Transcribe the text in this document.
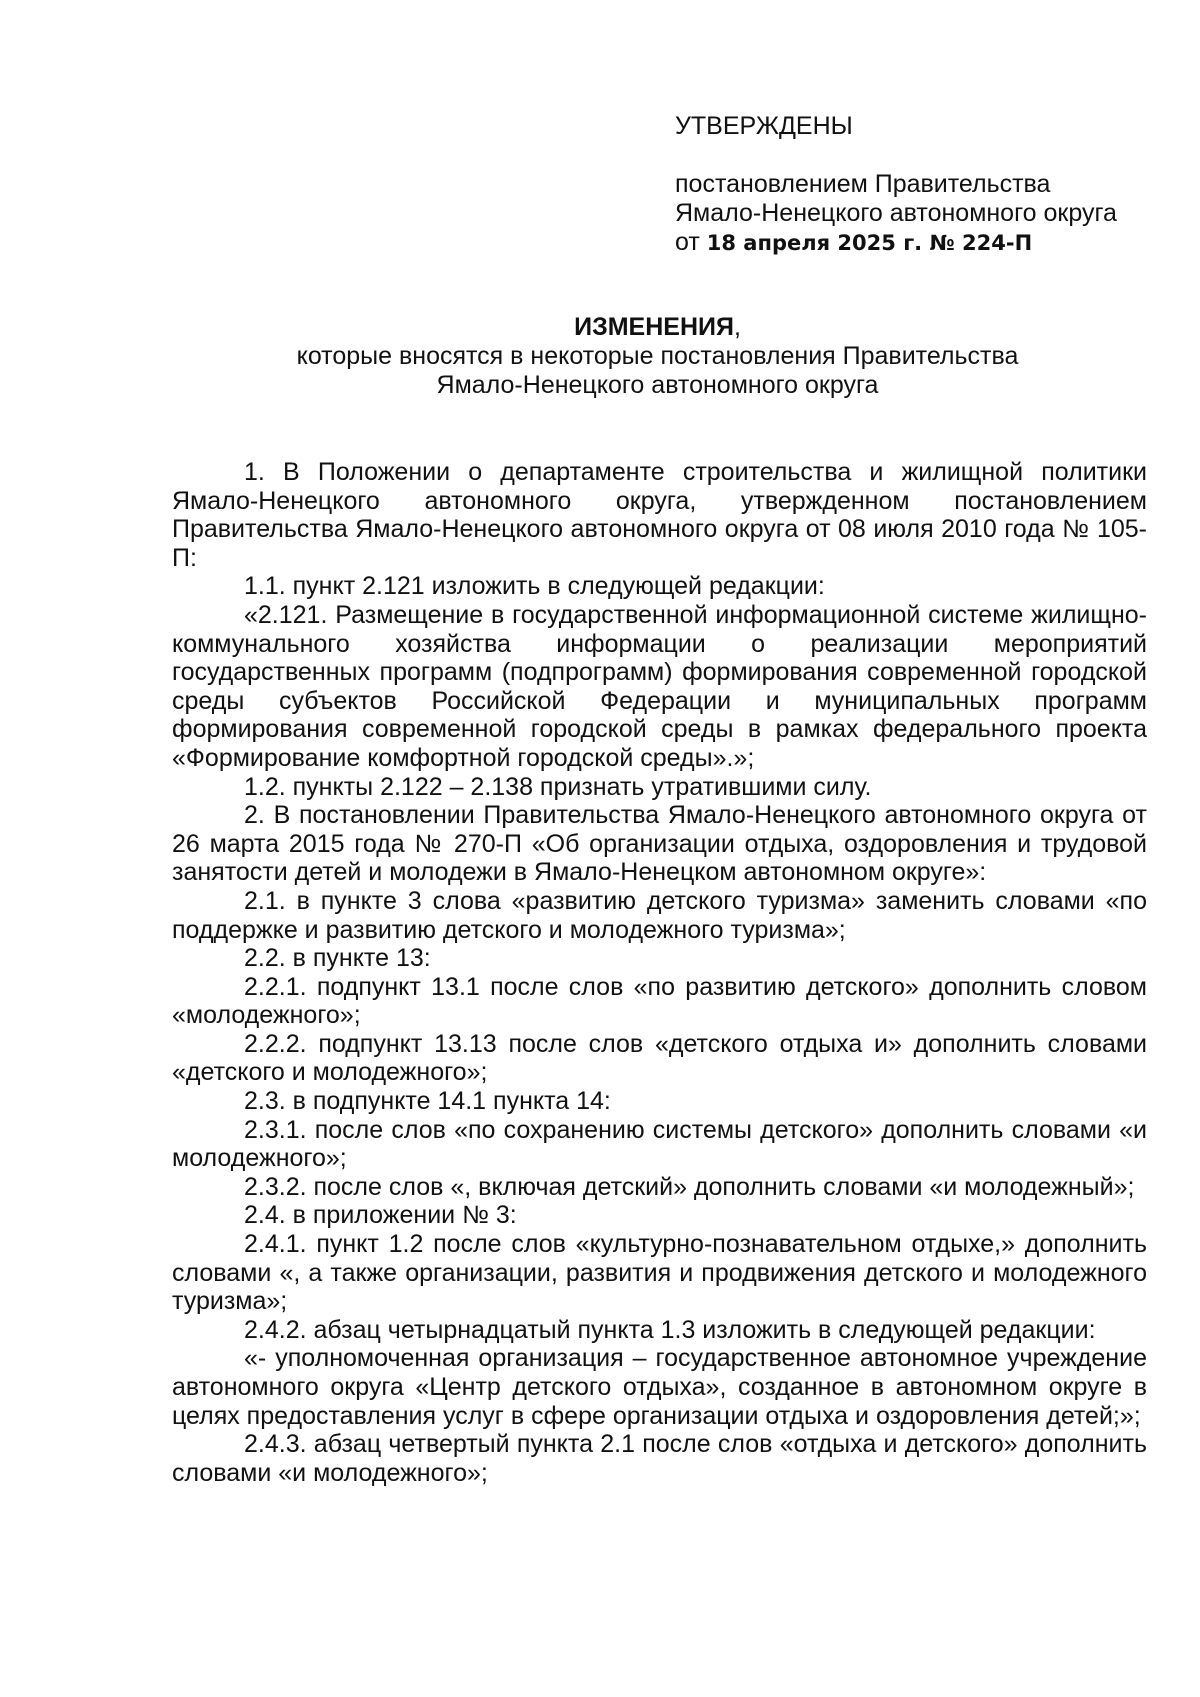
УТВЕРЖДЕНЫ
постановлением Правительства
Ямало-Ненецкого автономного округа
от 18 апреля 2025 г. № 224-П
ИЗМЕНЕНИЯ,
которые вносятся в некоторые постановления Правительства
Ямало-Ненецкого автономного округа

1. В Положении о департаменте строительства и жилищной политики Ямало-Ненецкого автономного округа, утвержденном постановлением Правительства Ямало-Ненецкого автономного округа от 08 июля 2010 года № 105-П:

1.1. пункт 2.121 изложить в следующей редакции:

«2.121. Размещение в государственной информационной системе жилищно-коммунального хозяйства информации о реализации мероприятий государственных программ (подпрограмм) формирования современной городской среды субъектов Российской Федерации и муниципальных программ формирования современной городской среды в рамках федерального проекта «Формирование комфортной городской среды».»;

1.2. пункты 2.122 – 2.138 признать утратившими силу.

2. В постановлении Правительства Ямало-Ненецкого автономного округа от 26 марта 2015 года № 270-П «Об организации отдыха, оздоровления и трудовой занятости детей и молодежи в Ямало-Ненецком автономном округе»:

2.1. в пункте 3 слова «развитию детского туризма» заменить словами «по поддержке и развитию детского и молодежного туризма»;

2.2. в пункте 13:

2.2.1. подпункт 13.1 после слов «по развитию детского» дополнить словом «молодежного»;

2.2.2. подпункт 13.13 после слов «детского отдыха и» дополнить словами «детского и молодежного»;

2.3. в подпункте 14.1 пункта 14:

2.3.1. после слов «по сохранению системы детского» дополнить словами «и молодежного»;

2.3.2. после слов «, включая детский» дополнить словами «и молодежный»;

2.4. в приложении № 3:

2.4.1. пункт 1.2 после слов «культурно-познавательном отдыхе,» дополнить словами «, а также организации, развития и продвижения детского и молодежного туризма»;

2.4.2. абзац четырнадцатый пункта 1.3 изложить в следующей редакции:

«- уполномоченная организация – государственное автономное учреждение автономного округа «Центр детского отдыха», созданное в автономном округе в целях предоставления услуг в сфере организации отдыха и оздоровления детей;»;

2.4.3. абзац четвертый пункта 2.1 после слов «отдыха и детского» дополнить словами «и молодежного»;
